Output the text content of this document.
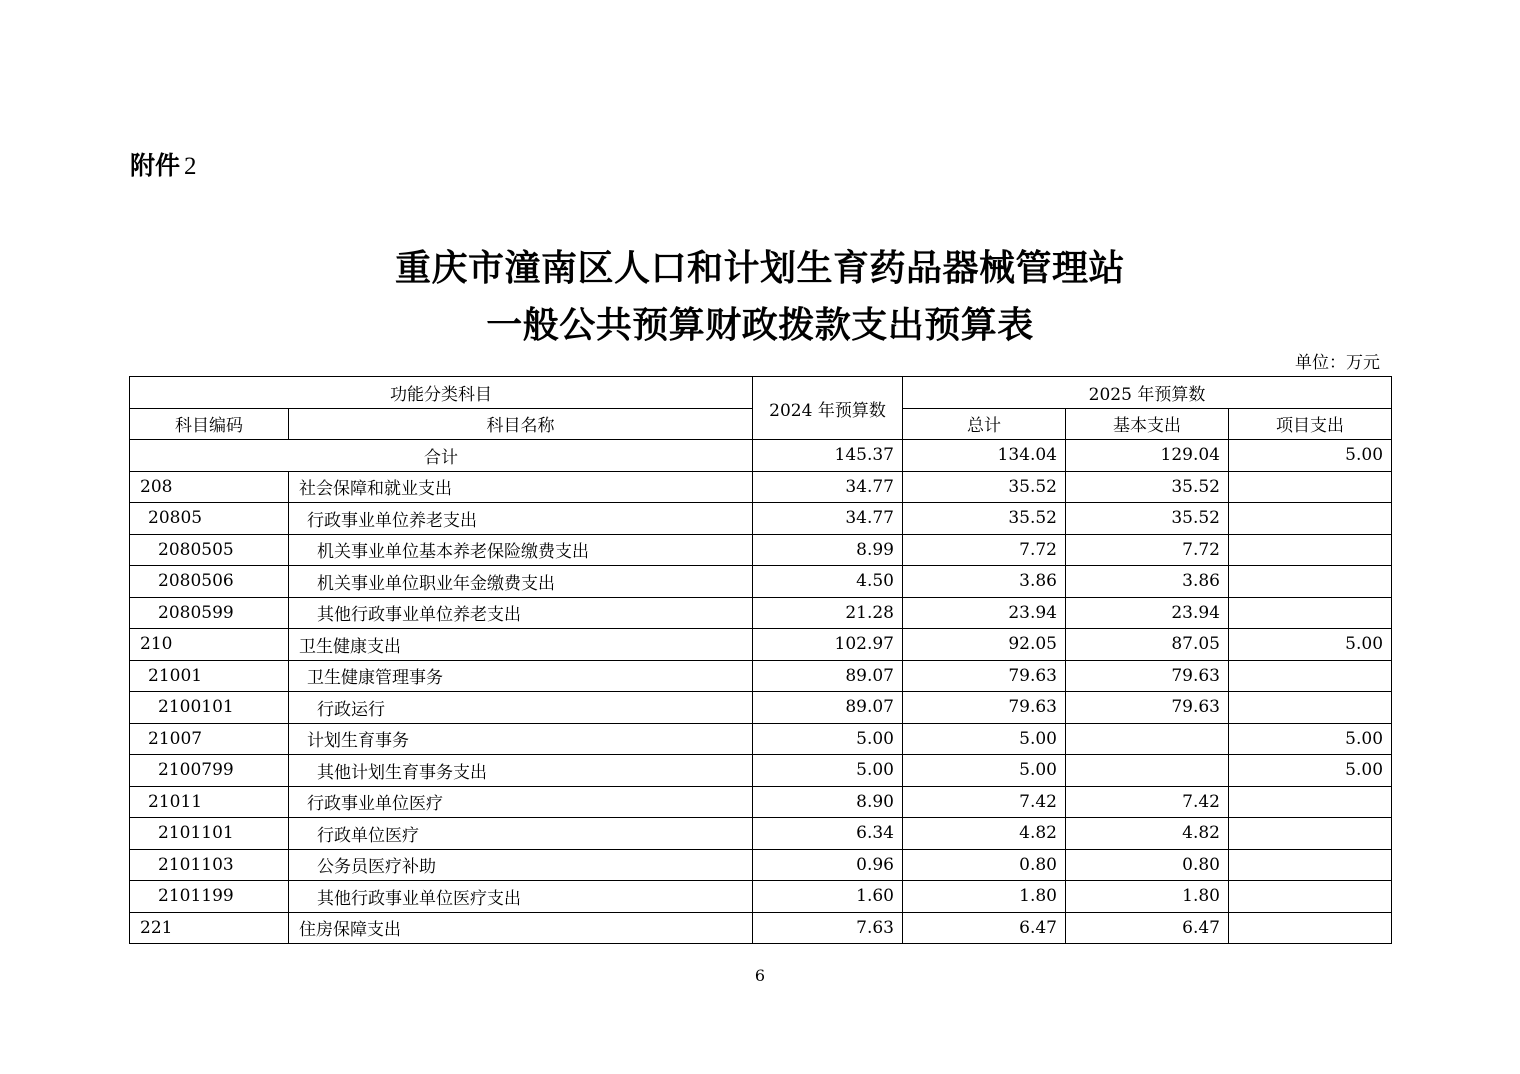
附件 2
重庆市潼南区人口和计划生育药品器械管理站
一般公共预算财政拨款支出预算表
单位：万元
功能分类科目		2024 年预算数	2025 年预算数		
科目编码	科目名称		总计	基本支出	项目支出
合计		145.37	134.04	129.04	5.00
208	社会保障和就业支出	34.77	35.52	35.52	
20805	行政事业单位养老支出	34.77	35.52	35.52	
2080505	机关事业单位基本养老保险缴费支出	8.99	7.72	7.72	
2080506	机关事业单位职业年金缴费支出	4.50	3.86	3.86	
2080599	其他行政事业单位养老支出	21.28	23.94	23.94	
210	卫生健康支出	102.97	92.05	87.05	5.00
21001	卫生健康管理事务	89.07	79.63	79.63	
2100101	行政运行	89.07	79.63	79.63	
21007	计划生育事务	5.00	5.00		5.00
2100799	其他计划生育事务支出	5.00	5.00		5.00
21011	行政事业单位医疗	8.90	7.42	7.42	
2101101	行政单位医疗	6.34	4.82	4.82	
2101103	公务员医疗补助	0.96	0.80	0.80	
2101199	其他行政事业单位医疗支出	1.60	1.80	1.80	
221	住房保障支出	7.63	6.47	6.47	
6
